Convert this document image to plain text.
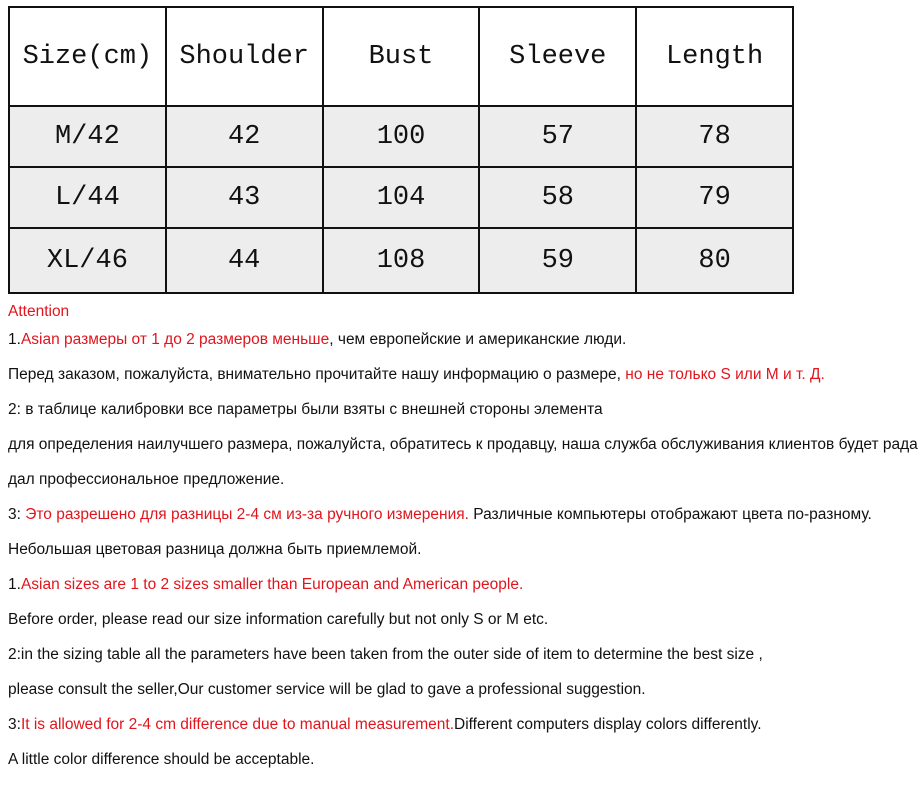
Size(cm)	Shoulder	Bust	Sleeve	Length
M/42	42	100	57	78
L/44	43	104	58	79
XL/46	44	108	59	80
Attention
1.Asian размеры от 1 до 2 размеров меньше, чем европейские и американские люди.
Перед заказом, пожалуйста, внимательно прочитайте нашу информацию о размере, но не только S или M и т. Д.
2: в таблице калибровки все параметры были взяты с внешней стороны элемента
для определения наилучшего размера, пожалуйста, обратитесь к продавцу, наша служба обслуживания клиентов будет рада
дал профессиональное предложение.
3: Это разрешено для разницы 2-4 см из-за ручного измерения. Различные компьютеры отображают цвета по-разному.
Небольшая цветовая разница должна быть приемлемой.
1.Asian sizes are 1 to 2 sizes smaller than European and American people.
Before order, please read our size information carefully but not only S or M etc.
2:in the sizing table all the parameters have been taken from the outer side of item to determine the best size ,
please consult the seller,Our customer service will be glad to gave a professional suggestion.
3:It is allowed for 2-4 cm difference due to manual measurement.Different computers display colors differently.
A little color difference should be acceptable.
